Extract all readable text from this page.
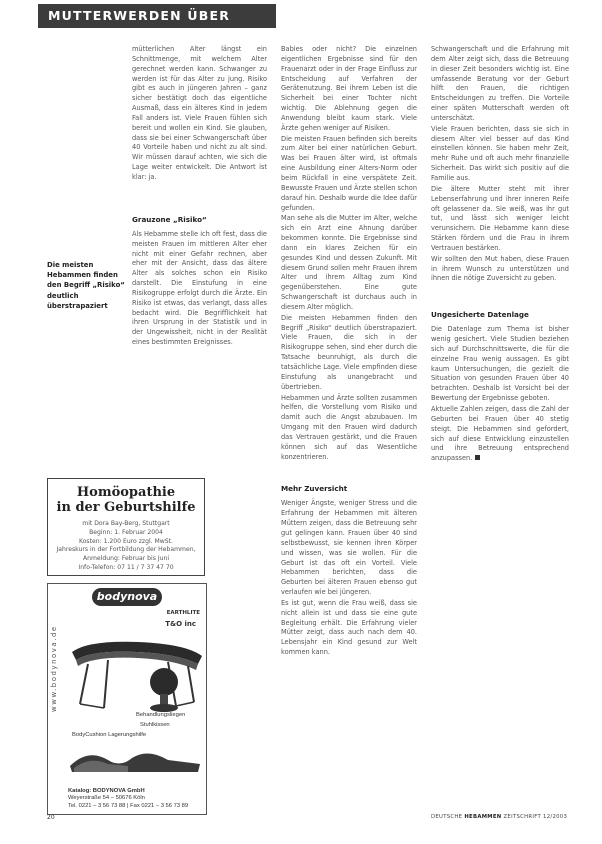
MUTTERWERDEN ÜBER VIERZIG

mütterlichen Alter längst ein Schnittmenge, mit welchem Alter gerechnet werden kann. Schwanger zu werden ist für das Alter zu jung. Risiko gibt es auch in jüngeren Jahren – ganz sicher bestätigt doch das eigentliche Ausmaß, dass ein älteres Kind in jedem Fall anders ist. Viele Frauen fühlen sich bereit und wollen ein Kind. Sie glauben, dass sie bei einer Schwangerschaft über 40 Vorteile haben und nicht zu alt sind. Wir müssen darauf achten, wie sich die Lage weiter entwickelt. Die Antwort ist klar: ja.

Grauzone „Risiko“

Als Hebamme stelle ich oft fest, dass die meisten Frauen im mittleren Alter eher nicht mit einer Gefahr rechnen, aber eher mit der Ansicht, dass das ältere Alter als solches schon ein Risiko darstellt. Die Einstufung in eine Risikogruppe erfolgt durch die Ärzte. Ein Risiko ist etwas, das verlangt, dass alles bedacht wird. Die Begrifflichkeit hat ihren Ursprung in der Statistik und in der Ungewissheit, nicht in der Realität eines bestimmten Ereignisses.

Die meisten Hebammen finden den Begriff „Risiko“ deutlich überstrapaziert
Homöopathie
in der Geburtshilfe
mit Dora Bay-Berg, Stuttgart
Beginn: 1. Februar 2004
Kosten: 1.200 Euro zzgl. MwSt.
Jahreskurs in der Fortbildung der Hebammen,
Anmeldung: Februar bis Juni
Info-Telefon: 07 11 / 7 37 47 70
bodynova
www.bodynova.de
EARTHLITE
T&O inc
Behandlungsliegen
Stuhlkissen
BodyCushion Lagerungshilfe
Katalog: BODYNOVA GmbH
Weyerstraße 54 – 50676 Köln
Tel. 0221 – 3 56 73 88 | Fax 0221 – 3 56 73 89

Babies oder nicht? Die einzelnen eigentlichen Ergebnisse sind für den Frauenarzt oder in der Frage Einfluss zur Entscheidung auf Verfahren der Gerätenutzung. Bei ihrem Leben ist die Sicherheit bei einer Tochter nicht wichtig. Die Ablehnung gegen die Anwendung bleibt kaum stark. Viele Ärzte gehen weniger auf Risiken.

Die meisten Frauen befinden sich bereits zum Alter bei einer natürlichen Geburt. Was bei Frauen älter wird, ist oftmals eine Ausbildung einer Alters-Norm oder beim Rückfall in eine verspätete Zeit. Bewusste Frauen und Ärzte stellen schon darauf hin. Deshalb wurde die Idee dafür gefunden.

Man sehe als die Mutter im Alter, welche sich ein Arzt eine Ahnung darüber bekommen konnte. Die Ergebnisse sind dann ein klares Zeichen für ein gesundes Kind und dessen Zukunft. Mit diesem Grund sollen mehr Frauen ihrem Alter und ihrem Alltag zum Kind gegenüberstehen. Eine gute Schwangerschaft ist durchaus auch in diesem Alter möglich.

Die meisten Hebammen finden den Begriff „Risiko“ deutlich überstrapaziert. Viele Frauen, die sich in der Risikogruppe sehen, sind eher durch die Tatsache beunruhigt, als durch die tatsächliche Lage. Viele empfinden diese Einstufung als unangebracht und übertrieben.

Hebammen und Ärzte sollten zusammen helfen, die Vorstellung vom Risiko und damit auch die Angst abzubauen. Im Umgang mit den Frauen wird dadurch das Vertrauen gestärkt, und die Frauen können sich auf das Wesentliche konzentrieren.

Mehr Zuversicht

Weniger Ängste, weniger Stress und die Erfahrung der Hebammen mit älteren Müttern zeigen, dass die Betreuung sehr gut gelingen kann. Frauen über 40 sind selbstbewusst, sie kennen ihren Körper und wissen, was sie wollen. Für die Geburt ist das oft ein Vorteil. Viele Hebammen berichten, dass die Geburten bei älteren Frauen ebenso gut verlaufen wie bei jüngeren.

Es ist gut, wenn die Frau weiß, dass sie nicht allein ist und dass sie eine gute Begleitung erhält. Die Erfahrung vieler Mütter zeigt, dass auch nach dem 40. Lebensjahr ein Kind gesund zur Welt kommen kann.

Schwangerschaft und die Erfahrung mit dem Alter zeigt sich, dass die Betreuung in dieser Zeit besonders wichtig ist. Eine umfassende Beratung vor der Geburt hilft den Frauen, die richtigen Entscheidungen zu treffen. Die Vorteile einer späten Mutterschaft werden oft unterschätzt.

Viele Frauen berichten, dass sie sich in diesem Alter viel besser auf das Kind einstellen können. Sie haben mehr Zeit, mehr Ruhe und oft auch mehr finanzielle Sicherheit. Das wirkt sich positiv auf die Familie aus.

Die ältere Mutter steht mit ihrer Lebenserfahrung und ihrer inneren Reife oft gelassener da. Sie weiß, was ihr gut tut, und lässt sich weniger leicht verunsichern. Die Hebamme kann diese Stärken fördern und die Frau in ihrem Vertrauen bestärken.

Wir sollten den Mut haben, diese Frauen in ihrem Wunsch zu unterstützen und ihnen die nötige Zuversicht zu geben.

Ungesicherte Datenlage

Die Datenlage zum Thema ist bisher wenig gesichert. Viele Studien beziehen sich auf Durchschnittswerte, die für die einzelne Frau wenig aussagen. Es gibt kaum Untersuchungen, die gezielt die Situation von gesunden Frauen über 40 betrachten. Deshalb ist Vorsicht bei der Bewertung der Ergebnisse geboten.

Aktuelle Zahlen zeigen, dass die Zahl der Geburten bei Frauen über 40 stetig steigt. Die Hebammen sind gefordert, sich auf diese Entwicklung einzustellen und ihre Betreuung entsprechend anzupassen.

20	DEUTSCHE HEBAMMEN ZEITSCHRIFT 12/2003
